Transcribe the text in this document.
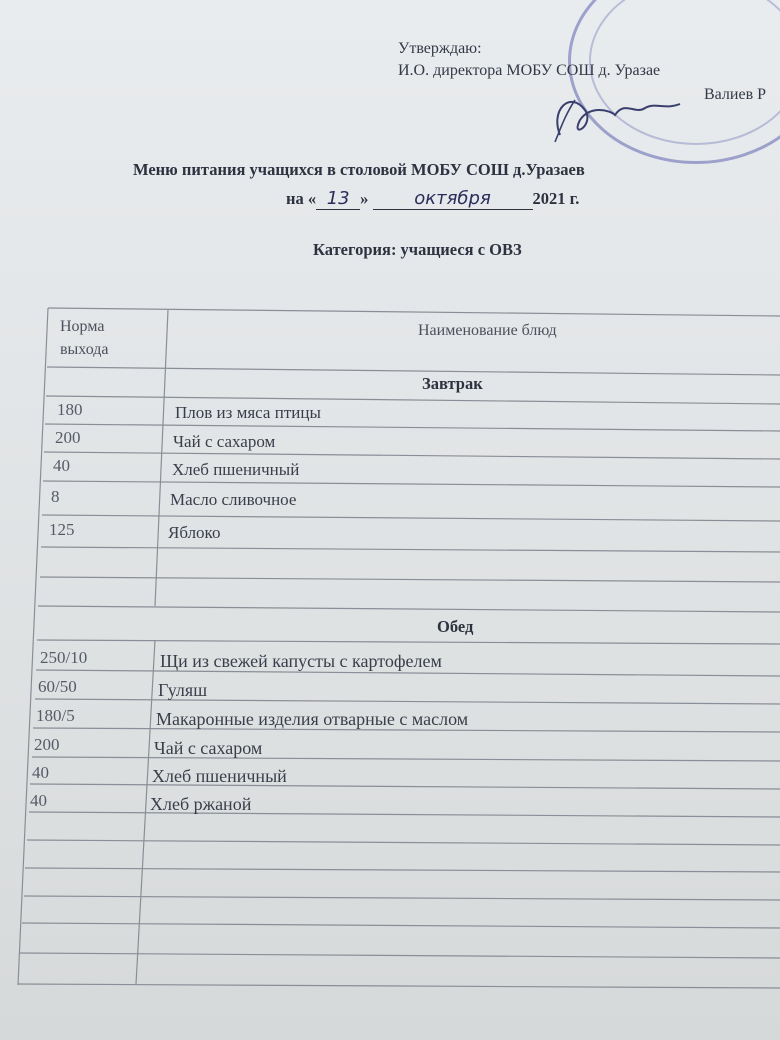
Утверждаю:
И.О. директора МОБУ СОШ д. Уразае
Валиев Р
Меню питания учащихся в столовой МОБУ СОШ д.Уразаев
на « 13 »	октября	2021 г.
Категория: учащиеся с ОВЗ
Норма
выхода
Наименование блюд
Завтрак
180	Плов из мяса птицы
200	Чай с сахаром
40	Хлеб пшеничный
8	Масло сливочное
125	Яблоко
Обед
250/10	Щи из свежей капусты с картофелем
60/50	Гуляш
180/5	Макаронные изделия отварные с маслом
200	Чай с сахаром
40	Хлеб пшеничный
40	Хлеб ржаной
